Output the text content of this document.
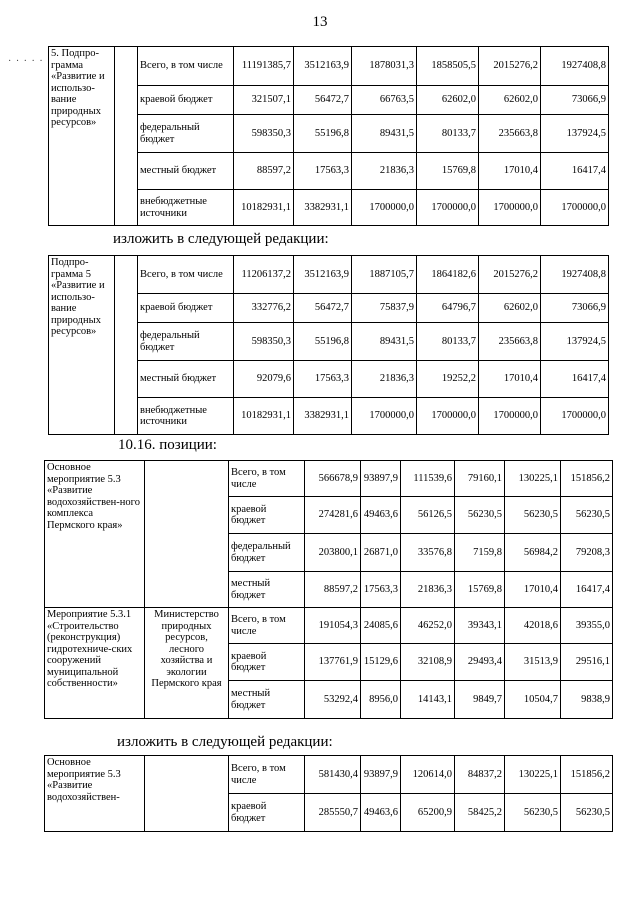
13
· · · · ·
5. Подпро-грамма «Развитие и использо-вание природных ресурсов»		Всего, в том числе	11191385,7	3512163,9	1878031,3	1858505,5	2015276,2	1927408,8
		краевой бюджет	321507,1	56472,7	66763,5	62602,0	62602,0	73066,9
		федеральный бюджет	598350,3	55196,8	89431,5	80133,7	235663,8	137924,5
		местный бюджет	88597,2	17563,3	21836,3	15769,8	17010,4	16417,4
		внебюджетные источники	10182931,1	3382931,1	1700000,0	1700000,0	1700000,0	1700000,0
изложить в следующей редакции:
Подпро-грамма 5 «Развитие и использо-вание природных ресурсов»		Всего, в том числе	11206137,2	3512163,9	1887105,7	1864182,6	2015276,2	1927408,8
		краевой бюджет	332776,2	56472,7	75837,9	64796,7	62602,0	73066,9
		федеральный бюджет	598350,3	55196,8	89431,5	80133,7	235663,8	137924,5
		местный бюджет	92079,6	17563,3	21836,3	19252,2	17010,4	16417,4
		внебюджетные источники	10182931,1	3382931,1	1700000,0	1700000,0	1700000,0	1700000,0
10.16. позиции:
Основное мероприятие 5.3 «Развитие водохозяйствен-ного комплекса Пермского края»		Всего, в том числе	566678,9	93897,9	111539,6	79160,1	130225,1	151856,2
		краевой бюджет	274281,6	49463,6	56126,5	56230,5	56230,5	56230,5
		федеральный бюджет	203800,1	26871,0	33576,8	7159,8	56984,2	79208,3
		местный бюджет	88597,2	17563,3	21836,3	15769,8	17010,4	16417,4
Мероприятие 5.3.1 «Строительство (реконструкция) гидротехниче-ских сооружений муниципальной собственности»	Министерство природных ресурсов, лесного хозяйства и экологии Пермского края	Всего, в том числе	191054,3	24085,6	46252,0	39343,1	42018,6	39355,0
		краевой бюджет	137761,9	15129,6	32108,9	29493,4	31513,9	29516,1
		местный бюджет	53292,4	8956,0	14143,1	9849,7	10504,7	9838,9
изложить в следующей редакции:
Основное мероприятие 5.3 «Развитие водохозяйствен-		Всего, в том числе	581430,4	93897,9	120614,0	84837,2	130225,1	151856,2
		краевой бюджет	285550,7	49463,6	65200,9	58425,2	56230,5	56230,5
